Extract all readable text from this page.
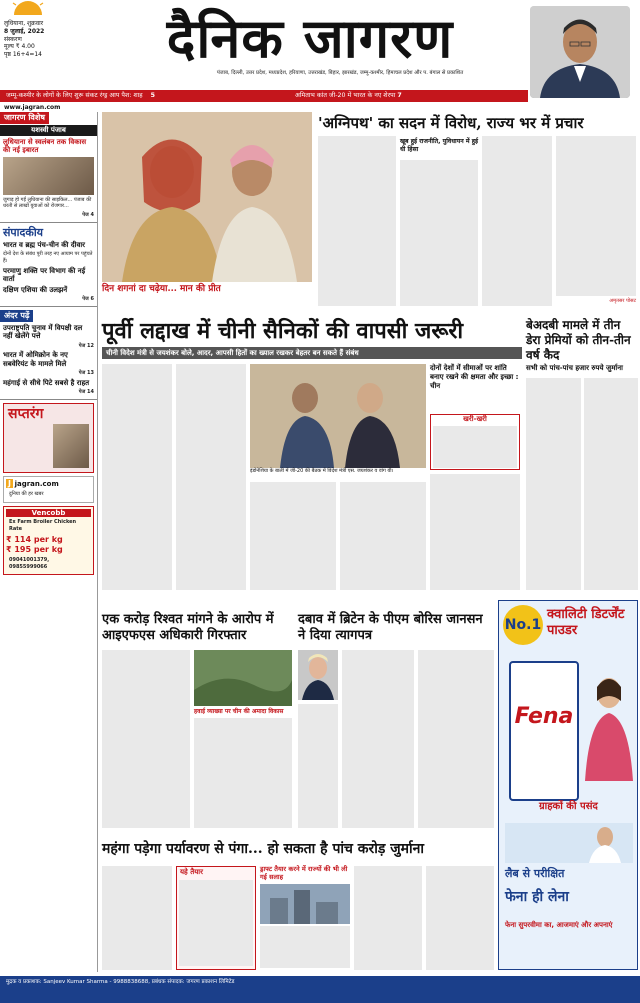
लुधियाना, शुक्रवार
8 जुलाई, 2022
संस्करण
मूल्य ₹ 4.00
पृष्ठ 16+4=14	दैनिक जागरण
पंजाब, दिल्ली, उत्तर प्रदेश, मध्यप्रदेश, हरियाणा, उत्तराखंड, बिहार, झारखंड, जम्मू-कश्मीर, हिमाचल प्रदेश और प. बंगाल से प्रकाशित
जम्मू-कश्मीर के लोगों के लिए शुरू संकट रंग्ड्र आप पैश: शाह 5	अमिताभ कांत जी-20 में भारत के नए शेरपा 7
www.jagran.com
जागरण विशेष
यशस्वी पंजाब
लुधियाना से स्वलंबन तक विकास की नई इबारत
जुगाड़ हो गईं लुधियाना की साइकिल... पंजाब की धरती से लाखों युवाओं को रोजगार...
पेज 4
संपादकीय
भारत व ब्रह्म पंच-चीन की दीवार
दोनों देश के संबंध पूरी तरह नए आयाम पर पहुंचते हैं।
परमाणु शक्ति पर विभाग की नई वार्ता
दक्षिण एशिया की उलझनें
पेज 6
अंदर पढ़ें
उपराष्ट्रपति चुनाव में विपक्षी दल नहीं खेलेंगे पत्ते
पेज 12
भारत में ओमिक्रोन के नए सबवेरियंट के मामले मिले
पेज 13
महंगाई से सीधे पिटे सबसे है राहत
पेज 14
सप्तरंग
J jagran.com
दुनिया की हर खबर
Vencobb
Ex Farm Broiler Chicken Rate
₹ 114 per kg
₹ 195 per kg
09041001379, 09855999066
दिन शगनां दा चढ़ेया... मान की प्रीत
'अग्निपथ' का सदन में विरोध, राज्य भर में प्रचार
खूब हुई राजनीति, युविधायन में हुई धी हिंसा
अमृतसर पोसट
पूर्वी लद्दाख में चीनी सैनिकों की वापसी जरूरी
चीनी विदेश मंत्री से जयशंकर बोले, आदर, आपसी हितों का ख्याल रखकर बेहतर बन सकते हैं संबंध
इंडोनेशिया के बाली में जी-20 की बैठक में विदेश मंत्री एस. जयशंकर व वांग यी।
दोनों देशों में सीमाओं पर शांति बनाए रखने की क्षमता और इच्छा : चीन
खरी-खरी
बेअदबी मामले में तीन डेरा प्रेमियों को तीन-तीन वर्ष कैद
सभी को पांच-पांच हजार रुपये जुर्माना
एक करोड़ रिश्वत मांगने के आरोप में आइएफएस अधिकारी गिरफ्तार
हवाई व्याख्या पर चीन की अमादा विकास
दबाव में ब्रिटेन के पीएम बोरिस जानसन ने दिया त्यागपत्र
No.1
क्वालिटी डिटर्जेंट पाउडर
Fena
ग्राहकों की पसंद
लैब से परीक्षित
फेना ही लेना
फेना सुपरवीमा का, आजमाएं और अपनाएं
महंगा पड़ेगा पर्यावरण से पंगा... हो सकता है पांच करोड़ जुर्माना
यहे तैयार	ड्राफ्ट तैयार करने में राज्यों की भी ली गई सलाह
मुद्रक व प्रकाशक: Sanjeev Kumar Sharma - 9988838688, प्रबंधक संपादक: जगरण प्रकाशन लिमिटेड
